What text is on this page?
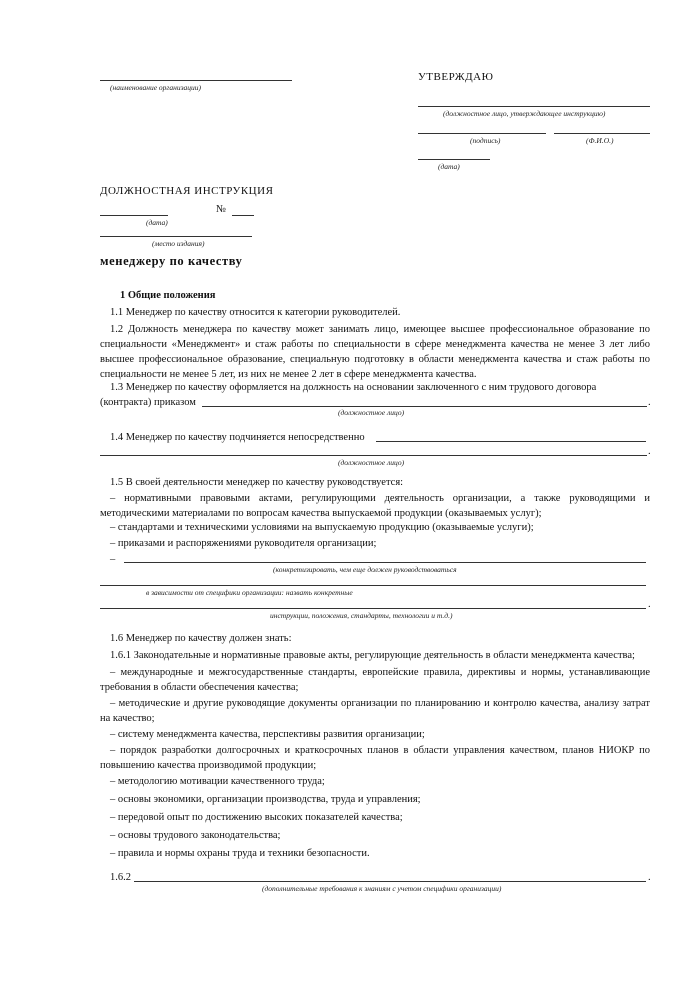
(наименование организации)
УТВЕРЖДАЮ
(должностное лицо, утверждающее инструкцию)
(подпись)	(Ф.И.О.)
(дата)
ДОЛЖНОСТНАЯ ИНСТРУКЦИЯ
№
(дата)
(место издания)
менеджеру по качеству
1 Общие положения
1.1 Менеджер по качеству относится к категории руководителей.
1.2 Должность менеджера по качеству может занимать лицо, имеющее высшее профессиональное образование по специальности «Менеджмент» и стаж работы по специальности в сфере менеджмента качества не менее 3 лет либо высшее профессиональное образование, специальную подготовку в области менеджмента качества и стаж работы по специальности не менее 5 лет, из них не менее 2 лет в сфере менеджмента качества.
1.3 Менеджер по качеству оформляется на должность на основании заключенного с ним трудового договора
(контракта) приказом	.
(должностное лицо)
1.4 Менеджер по качеству подчиняется непосредственно
.
(должностное лицо)
1.5 В своей деятельности менеджер по качеству руководствуется:
– нормативными правовыми актами, регулирующими деятельность организации, а также руководящими и методическими материалами по вопросам качества выпускаемой продукции (оказываемых услуг);
– стандартами и техническими условиями на выпускаемую продукцию (оказываемые услуги);
– приказами и распоряжениями руководителя организации;
–
(конкретизировать, чем еще должен руководствоваться
в зависимости от специфики организации: назвать конкретные
.
инструкции, положения, стандарты, технологии и т.д.)
1.6 Менеджер по качеству должен знать:
1.6.1 Законодательные и нормативные правовые акты, регулирующие деятельность в области менеджмента качества;
– международные и межгосударственные стандарты, европейские правила, директивы и нормы, устанавливающие требования в области обеспечения качества;
– методические и другие руководящие документы организации по планированию и контролю качества, анализу затрат на качество;
– систему менеджмента качества, перспективы развития организации;
– порядок разработки долгосрочных и краткосрочных планов в области управления качеством, планов НИОКР по повышению качества производимой продукции;
– методологию мотивации качественного труда;
– основы экономики, организации производства, труда и управления;
– передовой опыт по достижению высоких показателей качества;
– основы трудового законодательства;
– правила и нормы охраны труда и техники безопасности.
1.6.2	.
(дополнительные требования к знаниям с учетом специфики организации)
